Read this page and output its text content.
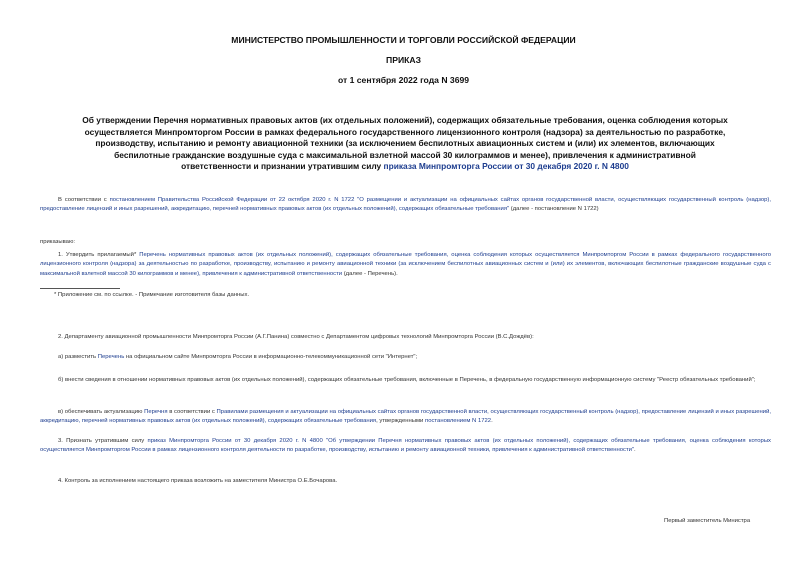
МИНИСТЕРСТВО ПРОМЫШЛЕННОСТИ И ТОРГОВЛИ РОССИЙСКОЙ ФЕДЕРАЦИИ
ПРИКАЗ
от 1 сентября 2022 года N 3699
Об утверждении Перечня нормативных правовых актов (их отдельных положений), содержащих обязательные требования, оценка соблюдения которых осуществляется Минпромторгом России в рамках федерального государственного лицензионного контроля (надзора) за деятельностью по разработке, производству, испытанию и ремонту авиационной техники (за исключением беспилотных авиационных систем и (или) их элементов, включающих беспилотные гражданские воздушные суда с максимальной взлетной массой 30 килограммов и менее), привлечения к административной ответственности и признании утратившим силу приказа Минпромторга России от 30 декабря 2020 г. N 4800
В соответствии с постановлением Правительства Российской Федерации от 22 октября 2020 г. N 1722 "О размещении и актуализации на официальных сайтах органов государственной власти, осуществляющих государственный контроль (надзор), предоставление лицензий и иных разрешений, аккредитацию, перечней нормативных правовых актов (их отдельных положений), содержащих обязательные требования" (далее - постановление N 1722)
приказываю:
1. Утвердить прилагаемый* Перечень нормативных правовых актов (их отдельных положений), содержащих обязательные требования, оценка соблюдения которых осуществляется Минпромторгом России в рамках федерального государственного лицензионного контроля (надзора) за деятельностью по разработке, производству, испытанию и ремонту авиационной техники (за исключением беспилотных авиационных систем и (или) их элементов, включающих беспилотные гражданские воздушные суда с максимальной взлетной массой 30 килограммов и менее), привлечения к административной ответственности (далее - Перечень).
* Приложение см. по ссылке. - Примечание изготовителя базы данных.
2. Департаменту авиационной промышленности Минпромторга России (А.Г.Панина) совместно с Департаментом цифровых технологий Минпромторга России (В.С.Дождёв):
а) разместить Перечень на официальном сайте Минпромторга России в информационно-телекоммуникационной сети "Интернет";
б) внести сведения в отношении нормативных правовых актов (их отдельных положений), содержащих обязательные требования, включенные в Перечень, в федеральную государственную информационную систему "Реестр обязательных требований";
в) обеспечивать актуализацию Перечня в соответствии с Правилами размещения и актуализации на официальных сайтах органов государственной власти, осуществляющих государственный контроль (надзор), предоставление лицензий и иных разрешений, аккредитацию, перечней нормативных правовых актов (их отдельных положений), содержащих обязательные требования, утвержденными постановлением N 1722.
3. Признать утратившим силу приказ Минпромторга России от 30 декабря 2020 г. N 4800 "Об утверждении Перечня нормативных правовых актов (их отдельных положений), содержащих обязательные требования, оценка соблюдения которых осуществляется Минпромторгом России в рамках лицензионного контроля деятельности по разработке, производству, испытанию и ремонту авиационной техники, привлечения к административной ответственности".
4. Контроль за исполнением настоящего приказа возложить на заместителя Министра О.Е.Бочарова.
Первый заместитель Министра
